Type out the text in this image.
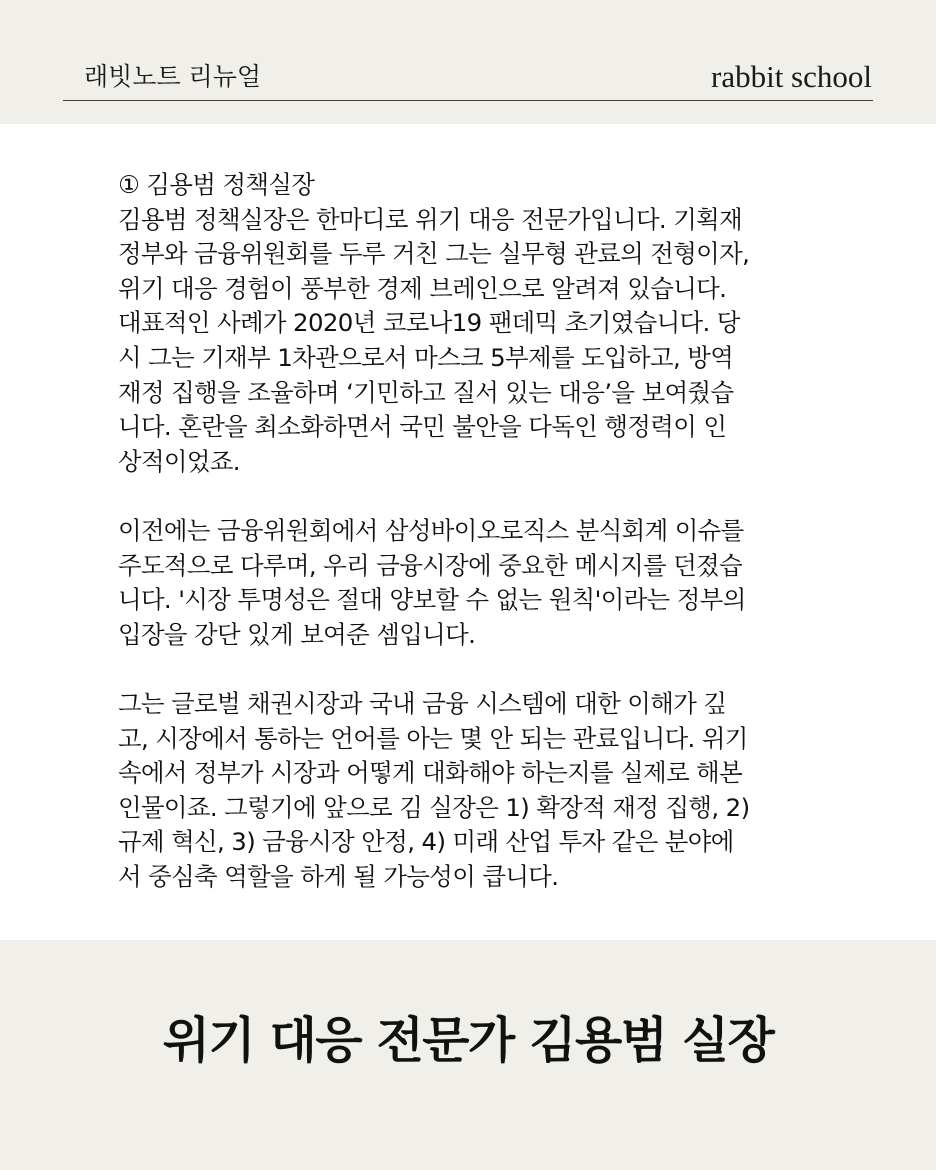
래빗노트 리뉴얼	rabbit school
① 김용범 정책실장
김용범 정책실장은 한마디로 위기 대응 전문가입니다. 기획재
정부와 금융위원회를 두루 거친 그는 실무형 관료의 전형이자,
위기 대응 경험이 풍부한 경제 브레인으로 알려져 있습니다.
대표적인 사례가 2020년 코로나19 팬데믹 초기였습니다. 당
시 그는 기재부 1차관으로서 마스크 5부제를 도입하고, 방역
재정 집행을 조율하며 ‘기민하고 질서 있는 대응’을 보여줬습
니다. 혼란을 최소화하면서 국민 불안을 다독인 행정력이 인
상적이었죠.
이전에는 금융위원회에서 삼성바이오로직스 분식회계 이슈를
주도적으로 다루며, 우리 금융시장에 중요한 메시지를 던졌습
니다. '시장 투명성은 절대 양보할 수 없는 원칙'이라는 정부의
입장을 강단 있게 보여준 셈입니다.
그는 글로벌 채권시장과 국내 금융 시스템에 대한 이해가 깊
고, 시장에서 통하는 언어를 아는 몇 안 되는 관료입니다. 위기
속에서 정부가 시장과 어떻게 대화해야 하는지를 실제로 해본
인물이죠. 그렇기에 앞으로 김 실장은 1) 확장적 재정 집행, 2)
규제 혁신, 3) 금융시장 안정, 4) 미래 산업 투자 같은 분야에
서 중심축 역할을 하게 될 가능성이 큽니다.
위기 대응 전문가 김용범 실장
